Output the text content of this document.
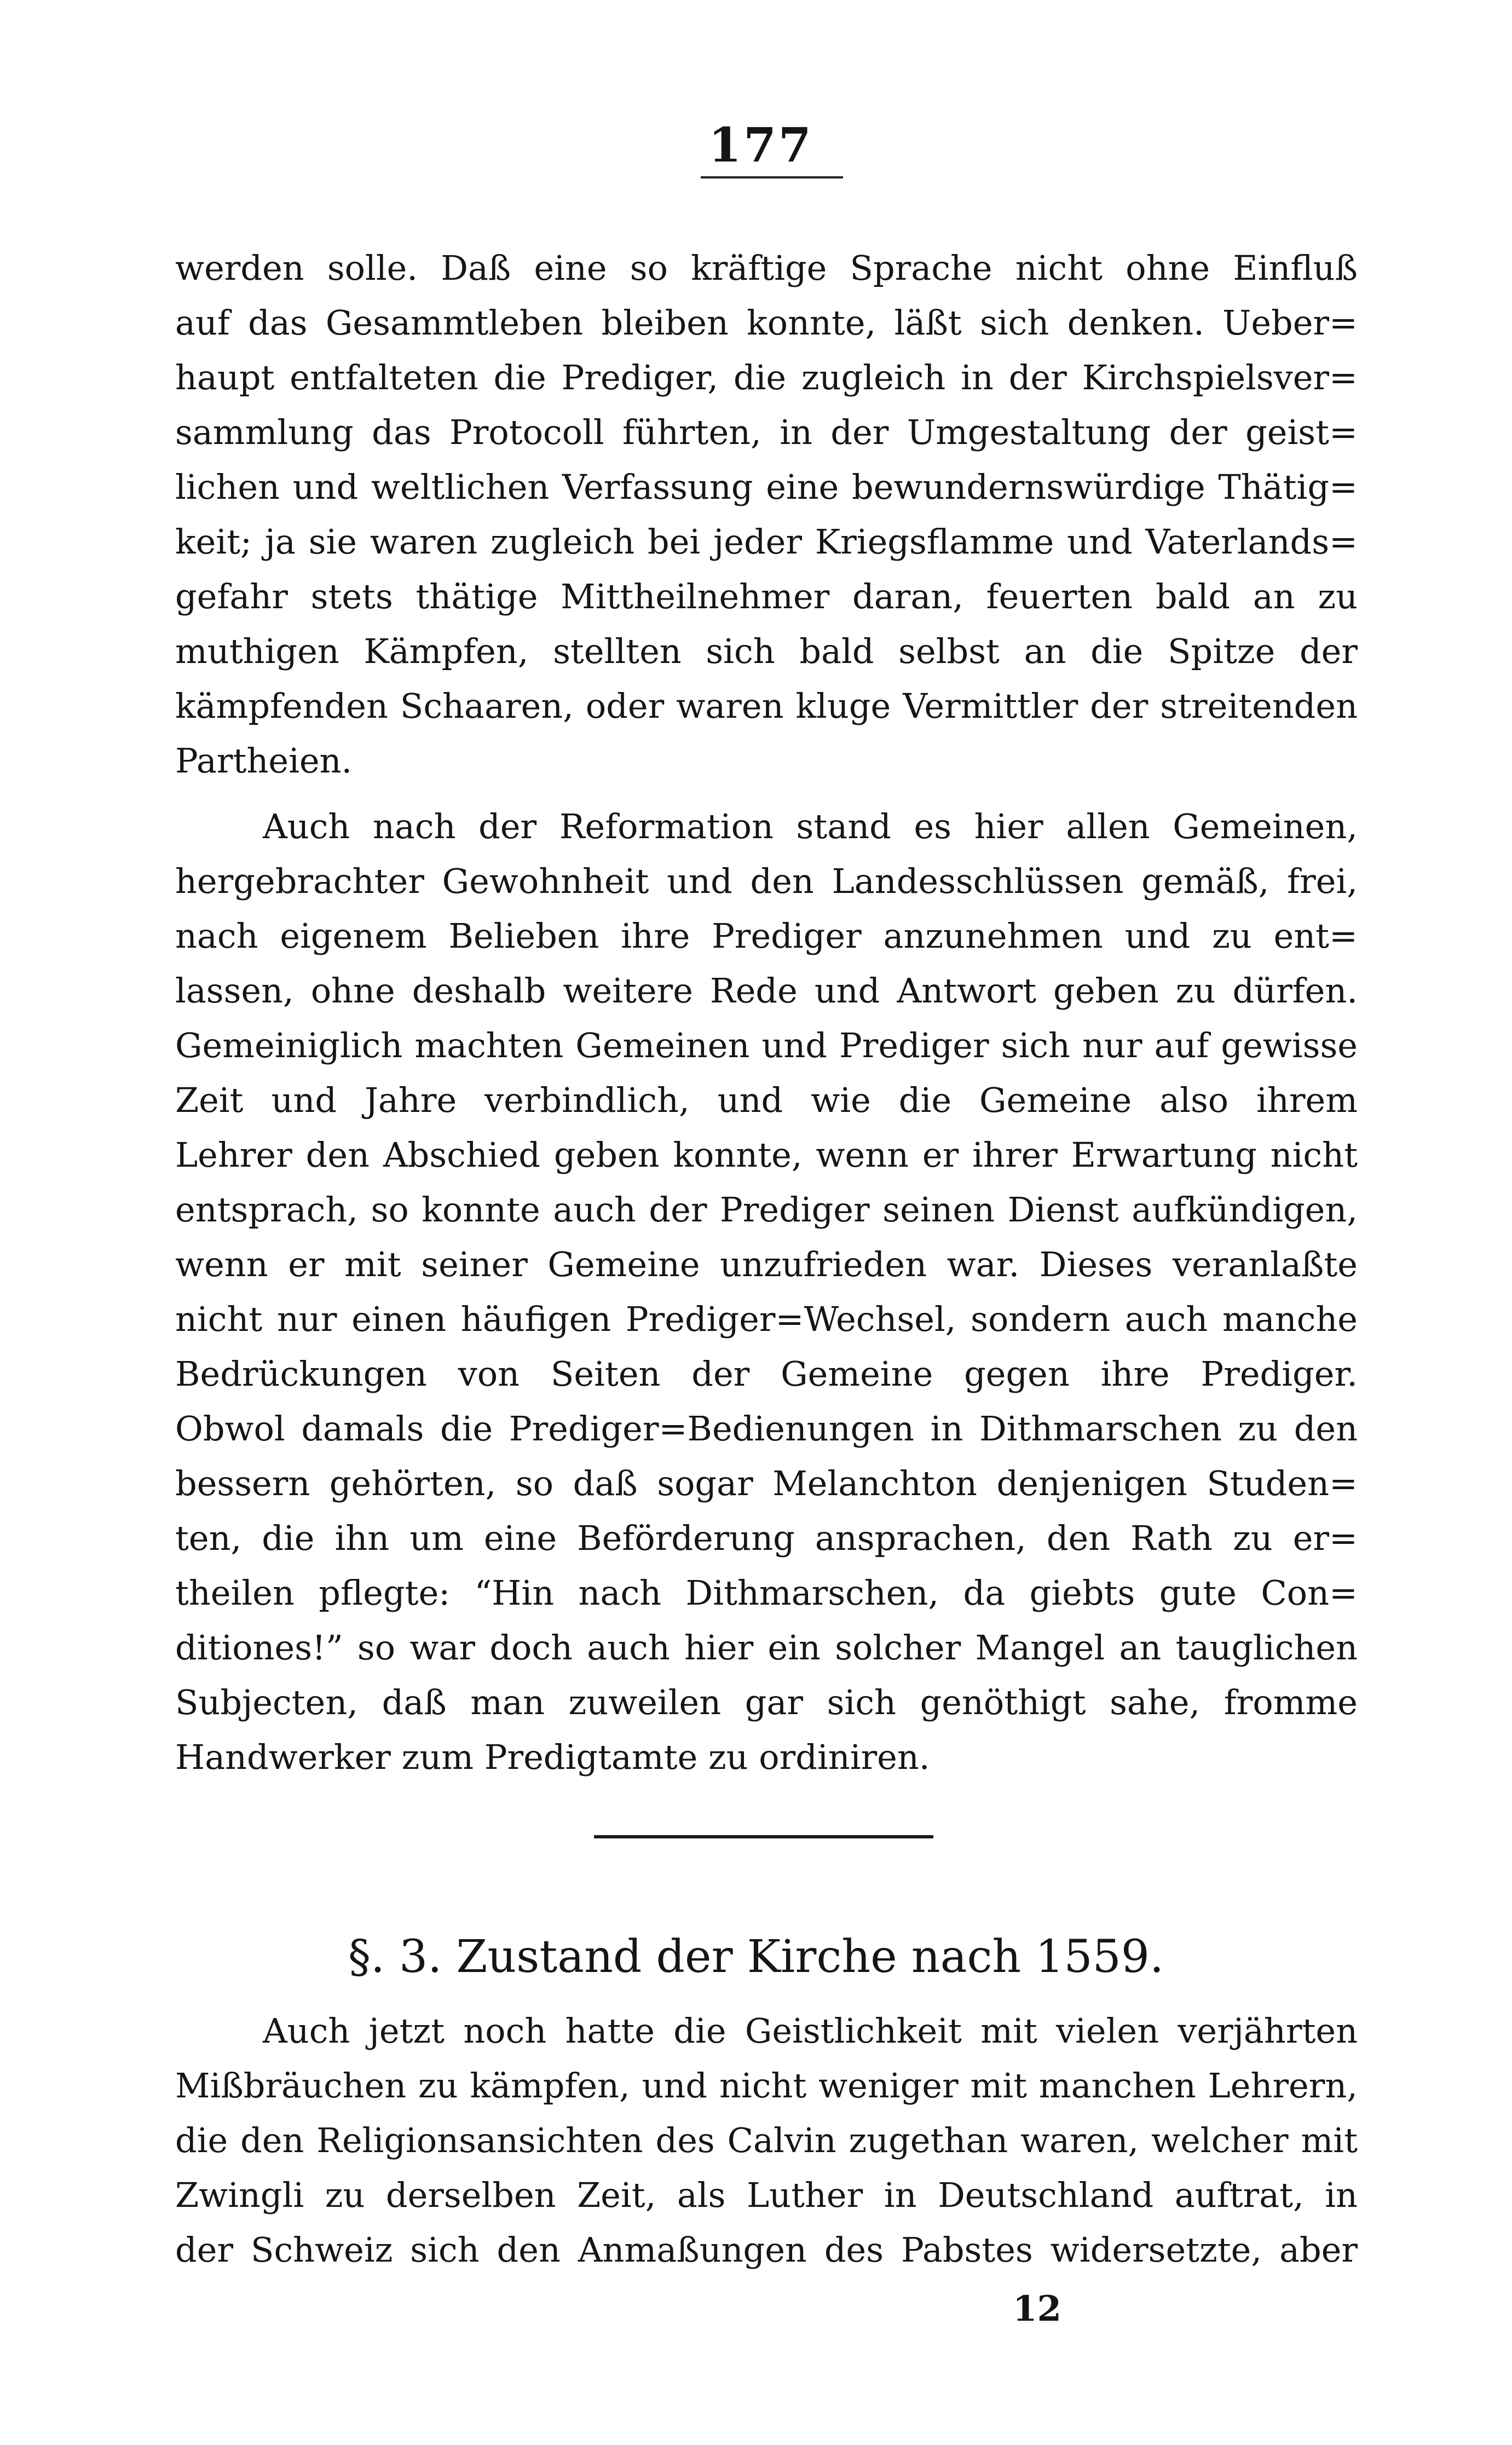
177
werden solle. Daß eine so kräftige Sprache nicht ohne Einfluß
auf das Gesammtleben bleiben konnte, läßt sich denken. Ueber=
haupt entfalteten die Prediger, die zugleich in der Kirchspielsver=
sammlung das Protocoll führten, in der Umgestaltung der geist=
lichen und weltlichen Verfassung eine bewundernswürdige Thätig=
keit; ja sie waren zugleich bei jeder Kriegsflamme und Vaterlands=
gefahr stets thätige Mittheilnehmer daran, feuerten bald an zu
muthigen Kämpfen, stellten sich bald selbst an die Spitze der
kämpfenden Schaaren, oder waren kluge Vermittler der streitenden
Partheien.
Auch nach der Reformation stand es hier allen Gemeinen,
hergebrachter Gewohnheit und den Landesschlüssen gemäß, frei,
nach eigenem Belieben ihre Prediger anzunehmen und zu ent=
lassen, ohne deshalb weitere Rede und Antwort geben zu dürfen.
Gemeiniglich machten Gemeinen und Prediger sich nur auf gewisse
Zeit und Jahre verbindlich, und wie die Gemeine also ihrem
Lehrer den Abschied geben konnte, wenn er ihrer Erwartung nicht
entsprach, so konnte auch der Prediger seinen Dienst aufkündigen,
wenn er mit seiner Gemeine unzufrieden war. Dieses veranlaßte
nicht nur einen häufigen Prediger=Wechsel, sondern auch manche
Bedrückungen von Seiten der Gemeine gegen ihre Prediger.
Obwol damals die Prediger=Bedienungen in Dithmarschen zu den
bessern gehörten, so daß sogar Melanchton denjenigen Studen=
ten, die ihn um eine Beförderung ansprachen, den Rath zu er=
theilen pflegte: “Hin nach Dithmarschen, da giebts gute Con=
ditiones!” so war doch auch hier ein solcher Mangel an tauglichen
Subjecten, daß man zuweilen gar sich genöthigt sahe, fromme
Handwerker zum Predigtamte zu ordiniren.
§. 3. Zustand der Kirche nach 1559.
Auch jetzt noch hatte die Geistlichkeit mit vielen verjährten
Mißbräuchen zu kämpfen, und nicht weniger mit manchen Lehrern,
die den Religionsansichten des Calvin zugethan waren, welcher mit
Zwingli zu derselben Zeit, als Luther in Deutschland auftrat, in
der Schweiz sich den Anmaßungen des Pabstes widersetzte, aber
12
